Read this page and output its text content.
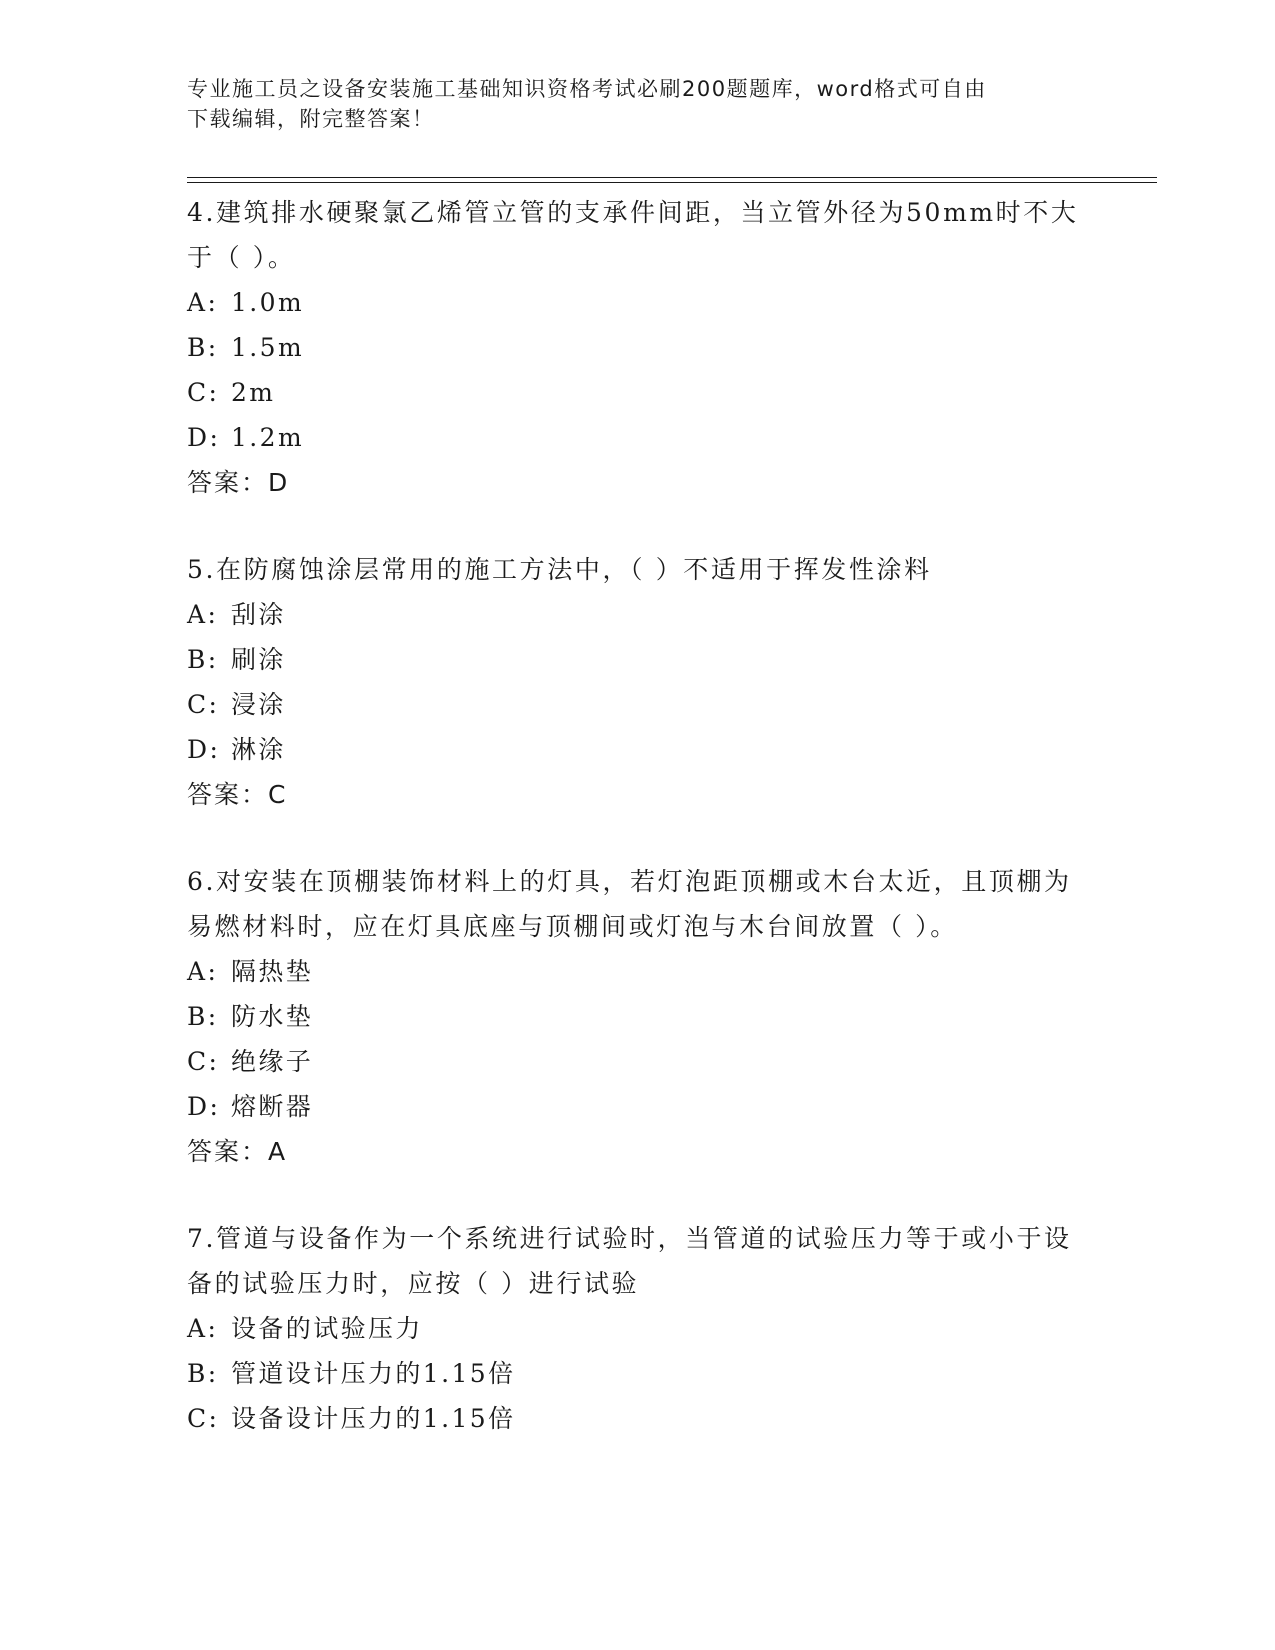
专业施工员之设备安装施工基础知识资格考试必刷200题题库，word格式可自由
下载编辑，附完整答案！

4.建筑排水硬聚氯乙烯管立管的支承件间距，当立管外径为50mm时不大于（ ）。

A: 1.0m

B: 1.5m

C: 2m

D: 1.2m

答案：D

5.在防腐蚀涂层常用的施工方法中，（ ）不适用于挥发性涂料

A: 刮涂

B: 刷涂

C: 浸涂

D: 淋涂

答案：C

6.对安装在顶棚装饰材料上的灯具，若灯泡距顶棚或木台太近，且顶棚为易燃材料时，应在灯具底座与顶棚间或灯泡与木台间放置（ ）。

A: 隔热垫

B: 防水垫

C: 绝缘子

D: 熔断器

答案：A

7.管道与设备作为一个系统进行试验时，当管道的试验压力等于或小于设备的试验压力时，应按（ ）进行试验

A: 设备的试验压力

B: 管道设计压力的1.15倍

C: 设备设计压力的1.15倍
